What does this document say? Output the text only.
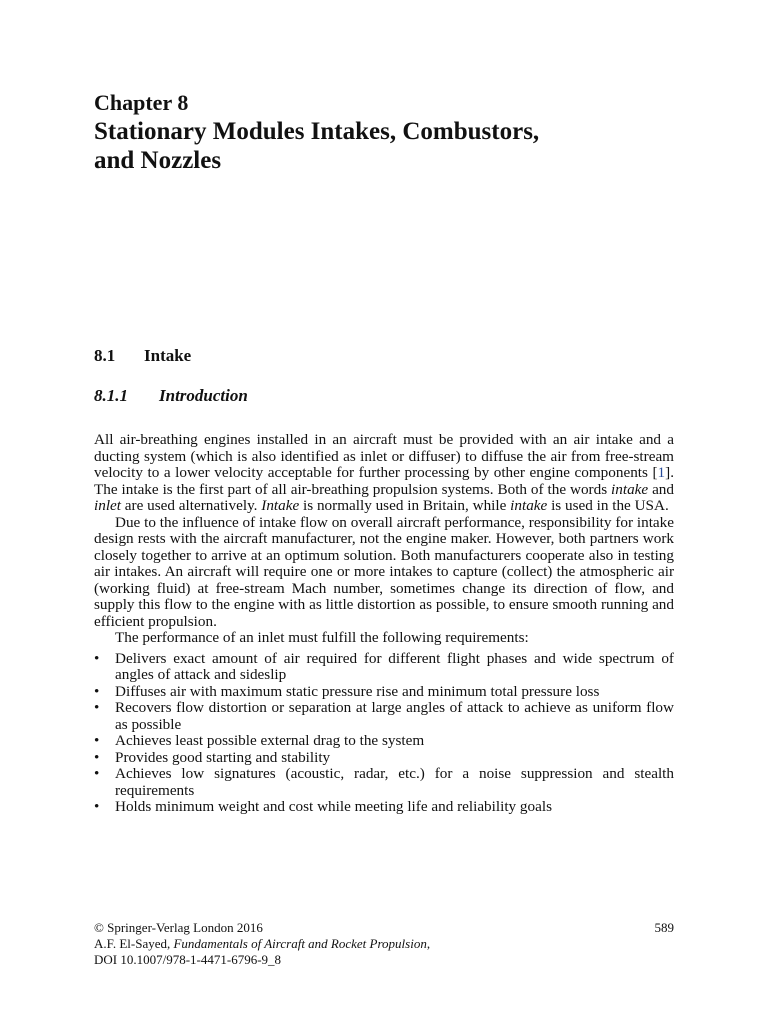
Chapter 8
Stationary Modules Intakes, Combustors,
and Nozzles
8.1 Intake
8.1.1 Introduction

All air-breathing engines installed in an aircraft must be provided with an air intake and a ducting system (which is also identified as inlet or diffuser) to diffuse the air from free-stream velocity to a lower velocity acceptable for further processing by other engine components [1]. The intake is the first part of all air-breathing propulsion systems. Both of the words intake and inlet are used alternatively. Intake is normally used in Britain, while intake is used in the USA.

Due to the influence of intake flow on overall aircraft performance, responsibility for intake design rests with the aircraft manufacturer, not the engine maker. However, both partners work closely together to arrive at an optimum solution. Both manufacturers cooperate also in testing air intakes. An aircraft will require one or more intakes to capture (collect) the atmospheric air (working fluid) at free-stream Mach number, sometimes change its direction of flow, and supply this flow to the engine with as little distortion as possible, to ensure smooth running and efficient propulsion.

The performance of an inlet must fulfill the following requirements:

• Delivers exact amount of air required for different flight phases and wide spectrum of angles of attack and sideslip
• Diffuses air with maximum static pressure rise and minimum total pressure loss
• Recovers flow distortion or separation at large angles of attack to achieve as uniform flow as possible
• Achieves least possible external drag to the system
• Provides good starting and stability
• Achieves low signatures (acoustic, radar, etc.) for a noise suppression and stealth requirements
• Holds minimum weight and cost while meeting life and reliability goals
© Springer-Verlag London 2016	589
A.F. El-Sayed, Fundamentals of Aircraft and Rocket Propulsion,
DOI 10.1007/978-1-4471-6796-9_8
